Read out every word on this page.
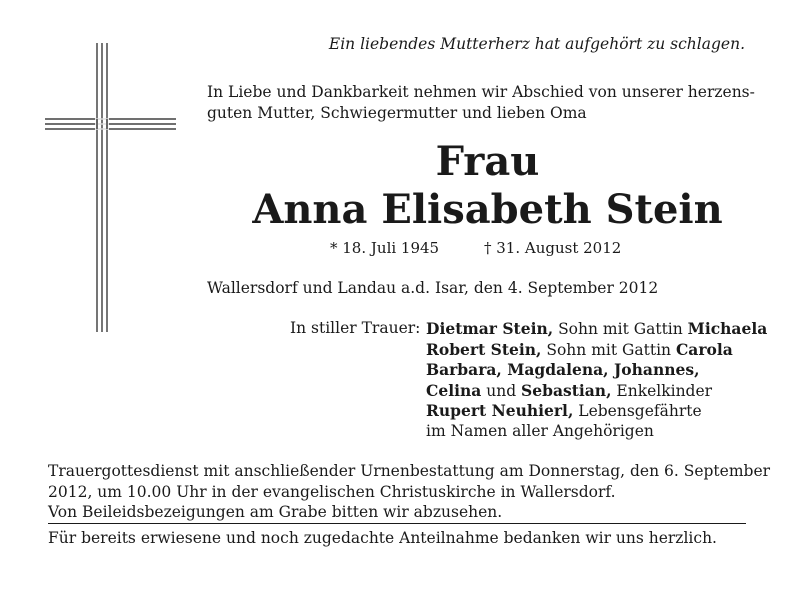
Ein liebendes Mutterherz hat aufgehört zu schlagen.
In Liebe und Dankbarkeit nehmen wir Abschied von unserer herzens-
guten Mutter, Schwiegermutter und lieben Oma
Frau
Anna Elisabeth Stein
* 18. Juli 1945	† 31. August 2012
Wallersdorf und Landau a.d. Isar, den 4. September 2012
In stiller Trauer: Dietmar Stein, Sohn mit Gattin Michaela
Robert Stein, Sohn mit Gattin Carola
Barbara, Magdalena, Johannes,
Celina und Sebastian, Enkelkinder
Rupert Neuhierl, Lebensgefährte
im Namen aller Angehörigen
Trauergottesdienst mit anschließender Urnenbestattung am Donnerstag, den 6. September
2012, um 10.00 Uhr in der evangelischen Christuskirche in Wallersdorf.
Von Beileidsbezeigungen am Grabe bitten wir abzusehen.
Für bereits erwiesene und noch zugedachte Anteilnahme bedanken wir uns herzlich.
